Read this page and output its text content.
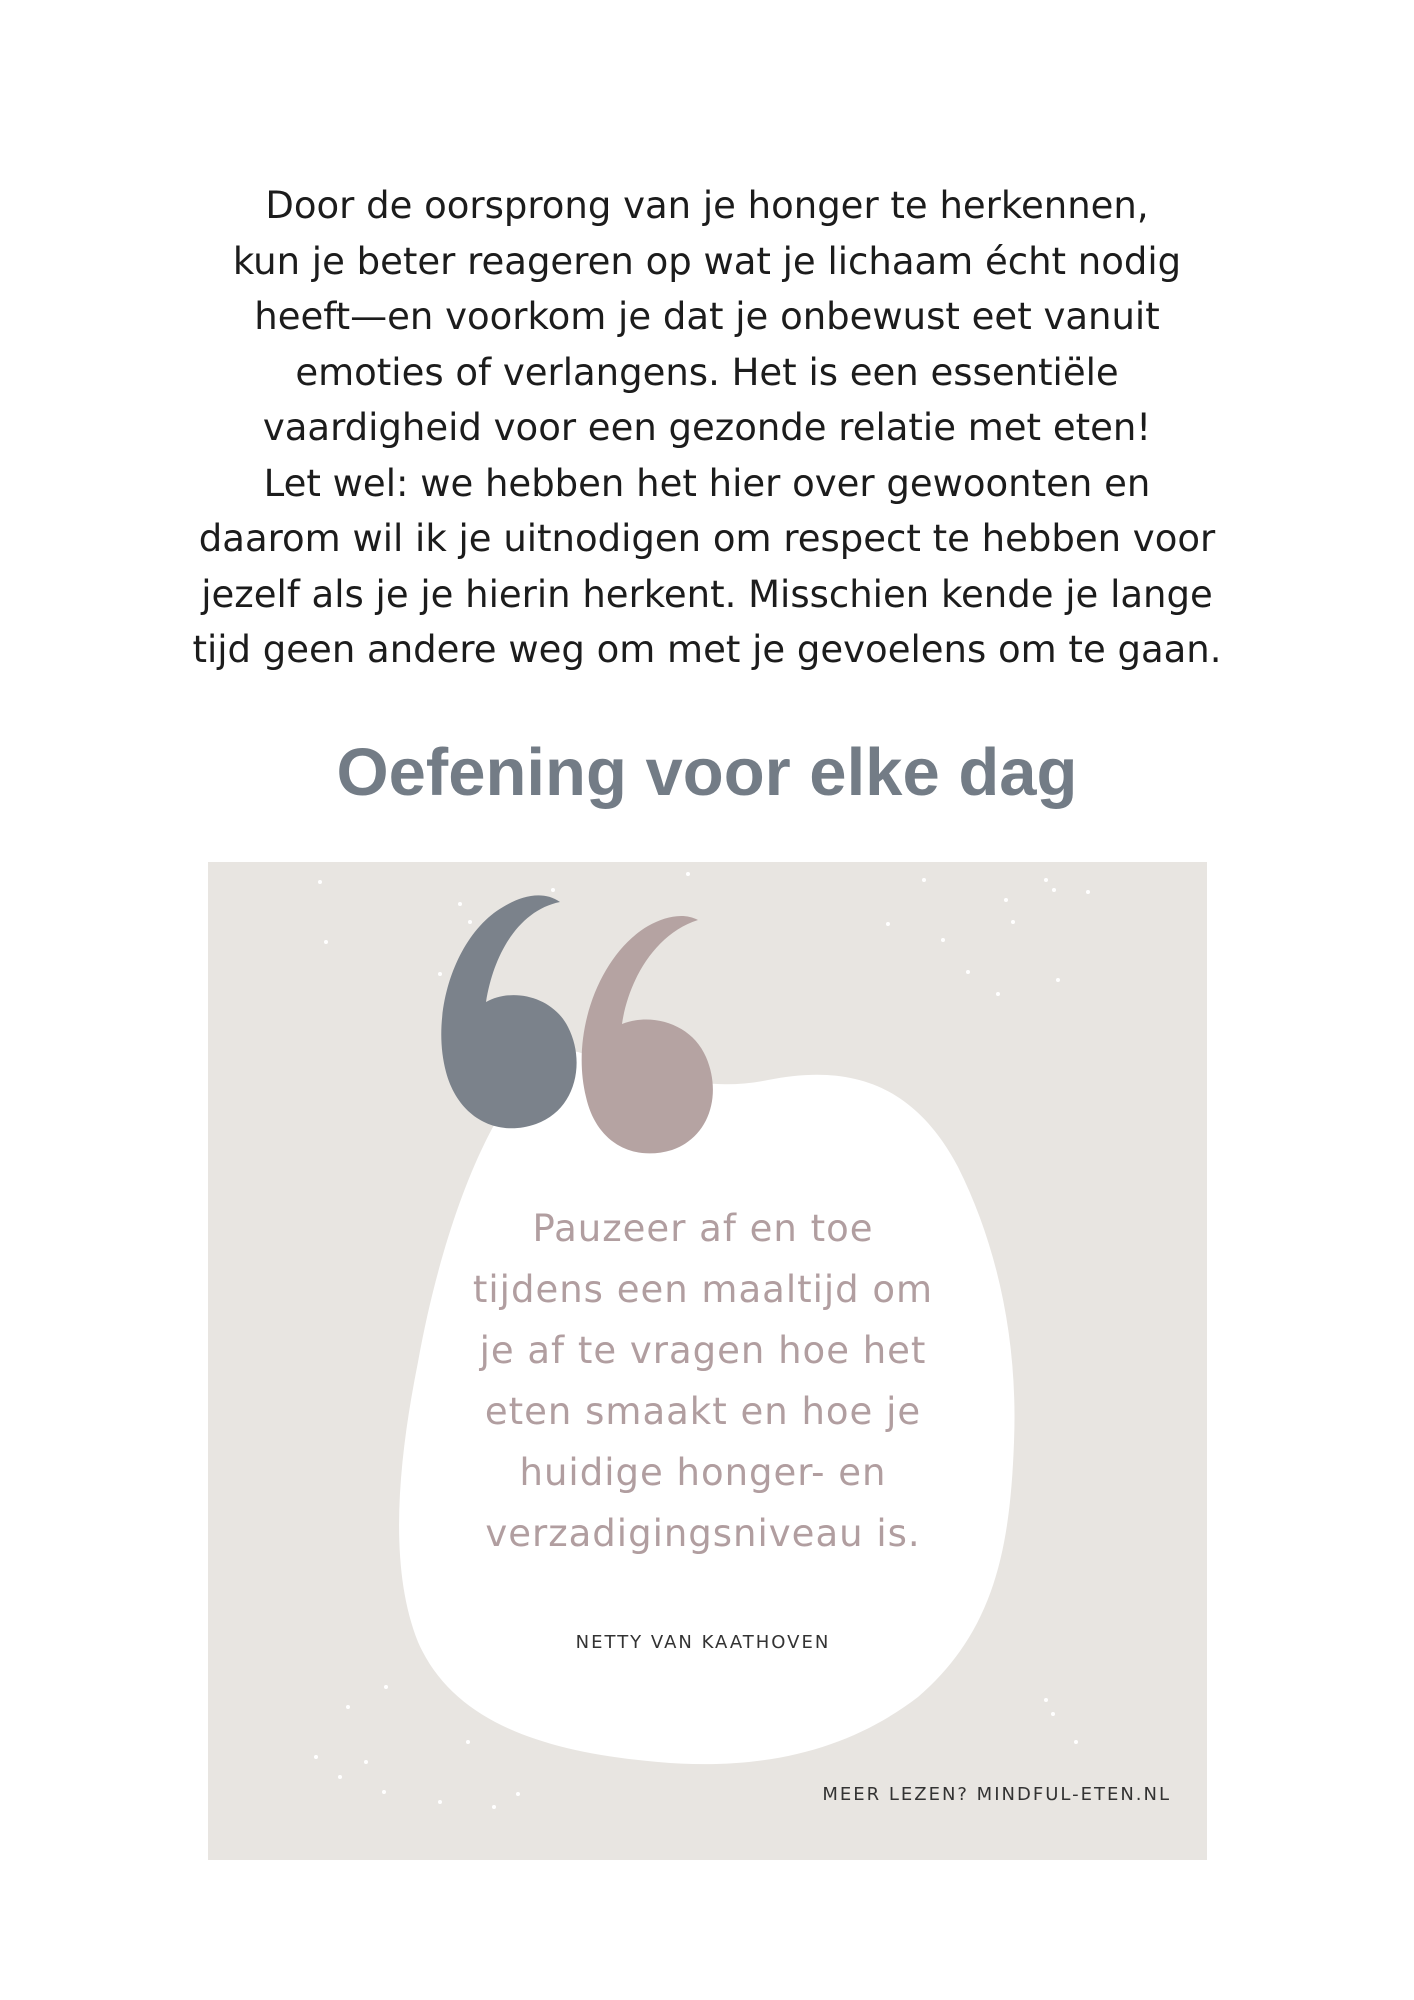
Door de oorsprong van je honger te herkennen,
kun je beter reageren op wat je lichaam écht nodig
heeft—en voorkom je dat je onbewust eet vanuit
emoties of verlangens. Het is een essentiële
vaardigheid voor een gezonde relatie met eten!
Let wel: we hebben het hier over gewoonten en
daarom wil ik je uitnodigen om respect te hebben voor
jezelf als je je hierin herkent. Misschien kende je lange
tijd geen andere weg om met je gevoelens om te gaan.
Oefening voor elke dag
Pauzeer af en toe
tijdens een maaltijd om
je af te vragen hoe het
eten smaakt en hoe je
huidige honger- en
verzadigingsniveau is.
NETTY VAN KAATHOVEN
MEER LEZEN? MINDFUL-ETEN.NL
